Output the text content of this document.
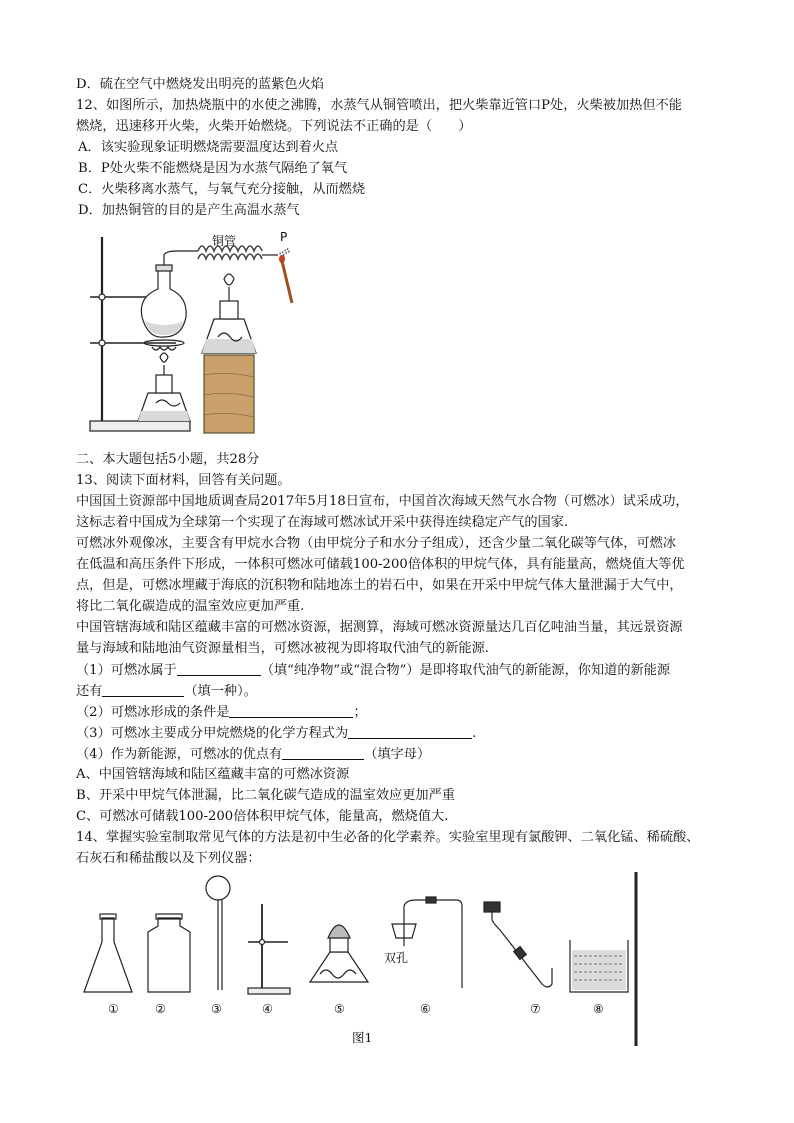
D．硫在空气中燃烧发出明亮的蓝紫色火焰
12、如图所示，加热烧瓶中的水使之沸腾，水蒸气从铜管喷出，把火柴靠近管口P处，火柴被加热但不能
燃烧，迅速移开火柴，火柴开始燃烧。下列说法不正确的是（　　）
A．该实验现象证明燃烧需要温度达到着火点
B．P处火柴不能燃烧是因为水蒸气隔绝了氧气
C．火柴移离水蒸气，与氧气充分接触，从而燃烧
D．加热铜管的目的是产生高温水蒸气
铜管	P
二、本大题包括5小题，共28分
13、阅读下面材料，回答有关问题。
中国国土资源部中国地质调查局2017年5月18日宣布，中国首次海域天然气水合物（可燃冰）试采成功，
这标志着中国成为全球第一个实现了在海域可燃冰试开采中获得连续稳定产气的国家.
可燃冰外观像冰，主要含有甲烷水合物（由甲烷分子和水分子组成），还含少量二氧化碳等气体，可燃冰
在低温和高压条件下形成，一体积可燃冰可储载100-200倍体积的甲烷气体，具有能量高，燃烧值大等优
点，但是，可燃冰埋藏于海底的沉积物和陆地冻土的岩石中，如果在开采中甲烷气体大量泄漏于大气中，
将比二氧化碳造成的温室效应更加严重.
中国管辖海域和陆区蕴藏丰富的可燃冰资源，据测算，海域可燃冰资源量达几百亿吨油当量，其远景资源
量与海域和陆地油气资源量相当，可燃冰被视为即将取代油气的新能源.
（1）可燃冰属于	（填“纯净物”或“混合物”）是即将取代油气的新能源，你知道的新能源
还有	（填一种）。
（2）可燃冰形成的条件是	；
（3）可燃冰主要成分甲烷燃烧的化学方程式为	.
（4）作为新能源，可燃冰的优点有	（填字母）
A、中国管辖海域和陆区蕴藏丰富的可燃冰资源
B、开采中甲烷气体泄漏，比二氧化碳气造成的温室效应更加严重
C、可燃冰可储载100-200倍体积甲烷气体，能量高，燃烧值大.
14、掌握实验室制取常见气体的方法是初中生必备的化学素养。实验室里现有氯酸钾、二氧化锰、稀硫酸、
石灰石和稀盐酸以及下列仪器：
双孔
①	②	③	④	⑤	⑥	⑦	⑧
图1
